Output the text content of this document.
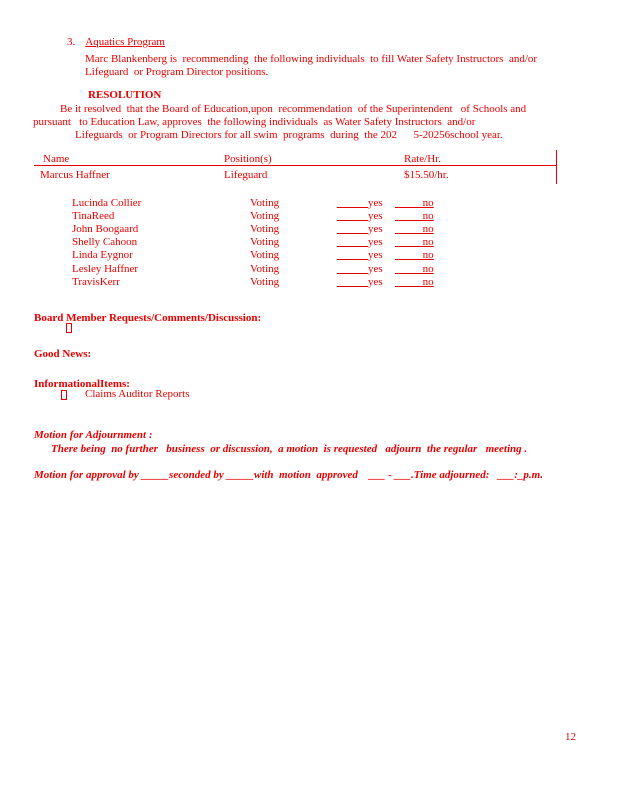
3. Aquatics Program
Marc Blankenberg is  recommending  the following individuals  to fill Water Safety Instructors  and/or
Lifeguard  or Program Director positions.
RESOLUTION
Be it resolved  that the Board of Education,upon  recommendation  of the Superintendent   of Schools and
pursuant   to Education Law, approves  the following individuals  as Water Safety Instructors  and/or
Lifeguards  or Program Directors for all swim  programs  during  the 202      5-20256school year.
Name	Position(s)	Rate/Hr.
Marcus Haffner	Lifeguard	$15.50/hr.
Lucinda Collier	Voting	yes	no
TinaReed	Voting	yes	no
John Boogaard	Voting	yes	no
Shelly Cahoon	Voting	yes	no
Linda Eygnor	Voting	yes	no
Lesley Haffner	Voting	yes	no
TravisKerr	Voting	yes	no
Board Member Requests/Comments/Discussion:
Good News:
InformationalItems:
Claims Auditor Reports
Motion for Adjournment :
There being  no further   business  or discussion,  a motion  is requested   adjourn  the regular   meeting .
Motion for approval by _____seconded by _____with  motion  approved    ___ - ___.Time adjourned:   ___:_p.m.
12
